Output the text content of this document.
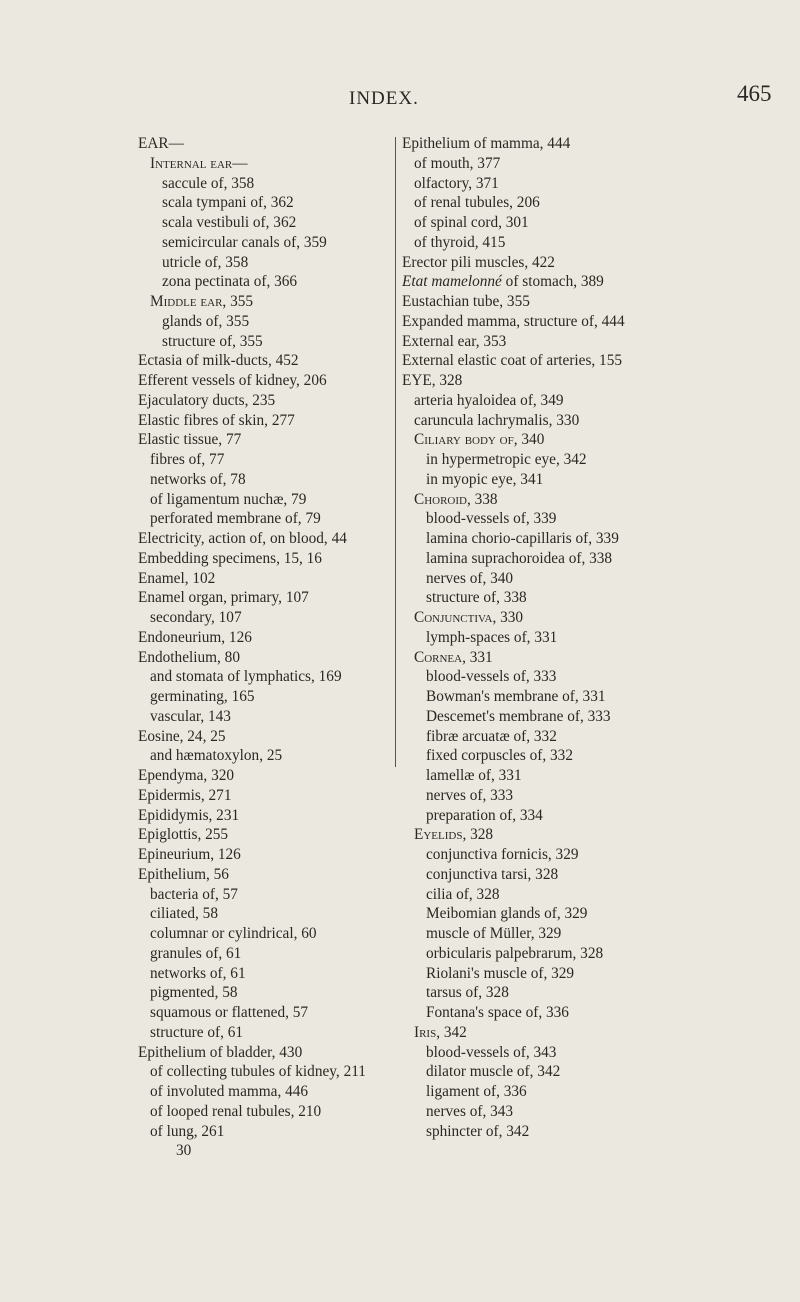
INDEX.	465
EAR—
Internal ear—
saccule of, 358
scala tympani of, 362
scala vestibuli of, 362
semicircular canals of, 359
utricle of, 358
zona pectinata of, 366
Middle ear, 355
glands of, 355
structure of, 355
Ectasia of milk-ducts, 452
Efferent vessels of kidney, 206
Ejaculatory ducts, 235
Elastic fibres of skin, 277
Elastic tissue, 77
fibres of, 77
networks of, 78
of ligamentum nuchæ, 79
perforated membrane of, 79
Electricity, action of, on blood, 44
Embedding specimens, 15, 16
Enamel, 102
Enamel organ, primary, 107
secondary, 107
Endoneurium, 126
Endothelium, 80
and stomata of lymphatics, 169
germinating, 165
vascular, 143
Eosine, 24, 25
and hæmatoxylon, 25
Ependyma, 320
Epidermis, 271
Epididymis, 231
Epiglottis, 255
Epineurium, 126
Epithelium, 56
bacteria of, 57
ciliated, 58
columnar or cylindrical, 60
granules of, 61
networks of, 61
pigmented, 58
squamous or flattened, 57
structure of, 61
Epithelium of bladder, 430
of collecting tubules of kidney, 211
of involuted mamma, 446
of looped renal tubules, 210
of lung, 261
30
Epithelium of mamma, 444
of mouth, 377
olfactory, 371
of renal tubules, 206
of spinal cord, 301
of thyroid, 415
Erector pili muscles, 422
Etat mamelonné of stomach, 389
Eustachian tube, 355
Expanded mamma, structure of, 444
External ear, 353
External elastic coat of arteries, 155
EYE, 328
arteria hyaloidea of, 349
caruncula lachrymalis, 330
Ciliary body of, 340
in hypermetropic eye, 342
in myopic eye, 341
Choroid, 338
blood-vessels of, 339
lamina chorio-capillaris of, 339
lamina suprachoroidea of, 338
nerves of, 340
structure of, 338
Conjunctiva, 330
lymph-spaces of, 331
Cornea, 331
blood-vessels of, 333
Bowman's membrane of, 331
Descemet's membrane of, 333
fibræ arcuatæ of, 332
fixed corpuscles of, 332
lamellæ of, 331
nerves of, 333
preparation of, 334
Eyelids, 328
conjunctiva fornicis, 329
conjunctiva tarsi, 328
cilia of, 328
Meibomian glands of, 329
muscle of Müller, 329
orbicularis palpebrarum, 328
Riolani's muscle of, 329
tarsus of, 328
Fontana's space of, 336
Iris, 342
blood-vessels of, 343
dilator muscle of, 342
ligament of, 336
nerves of, 343
sphincter of, 342
